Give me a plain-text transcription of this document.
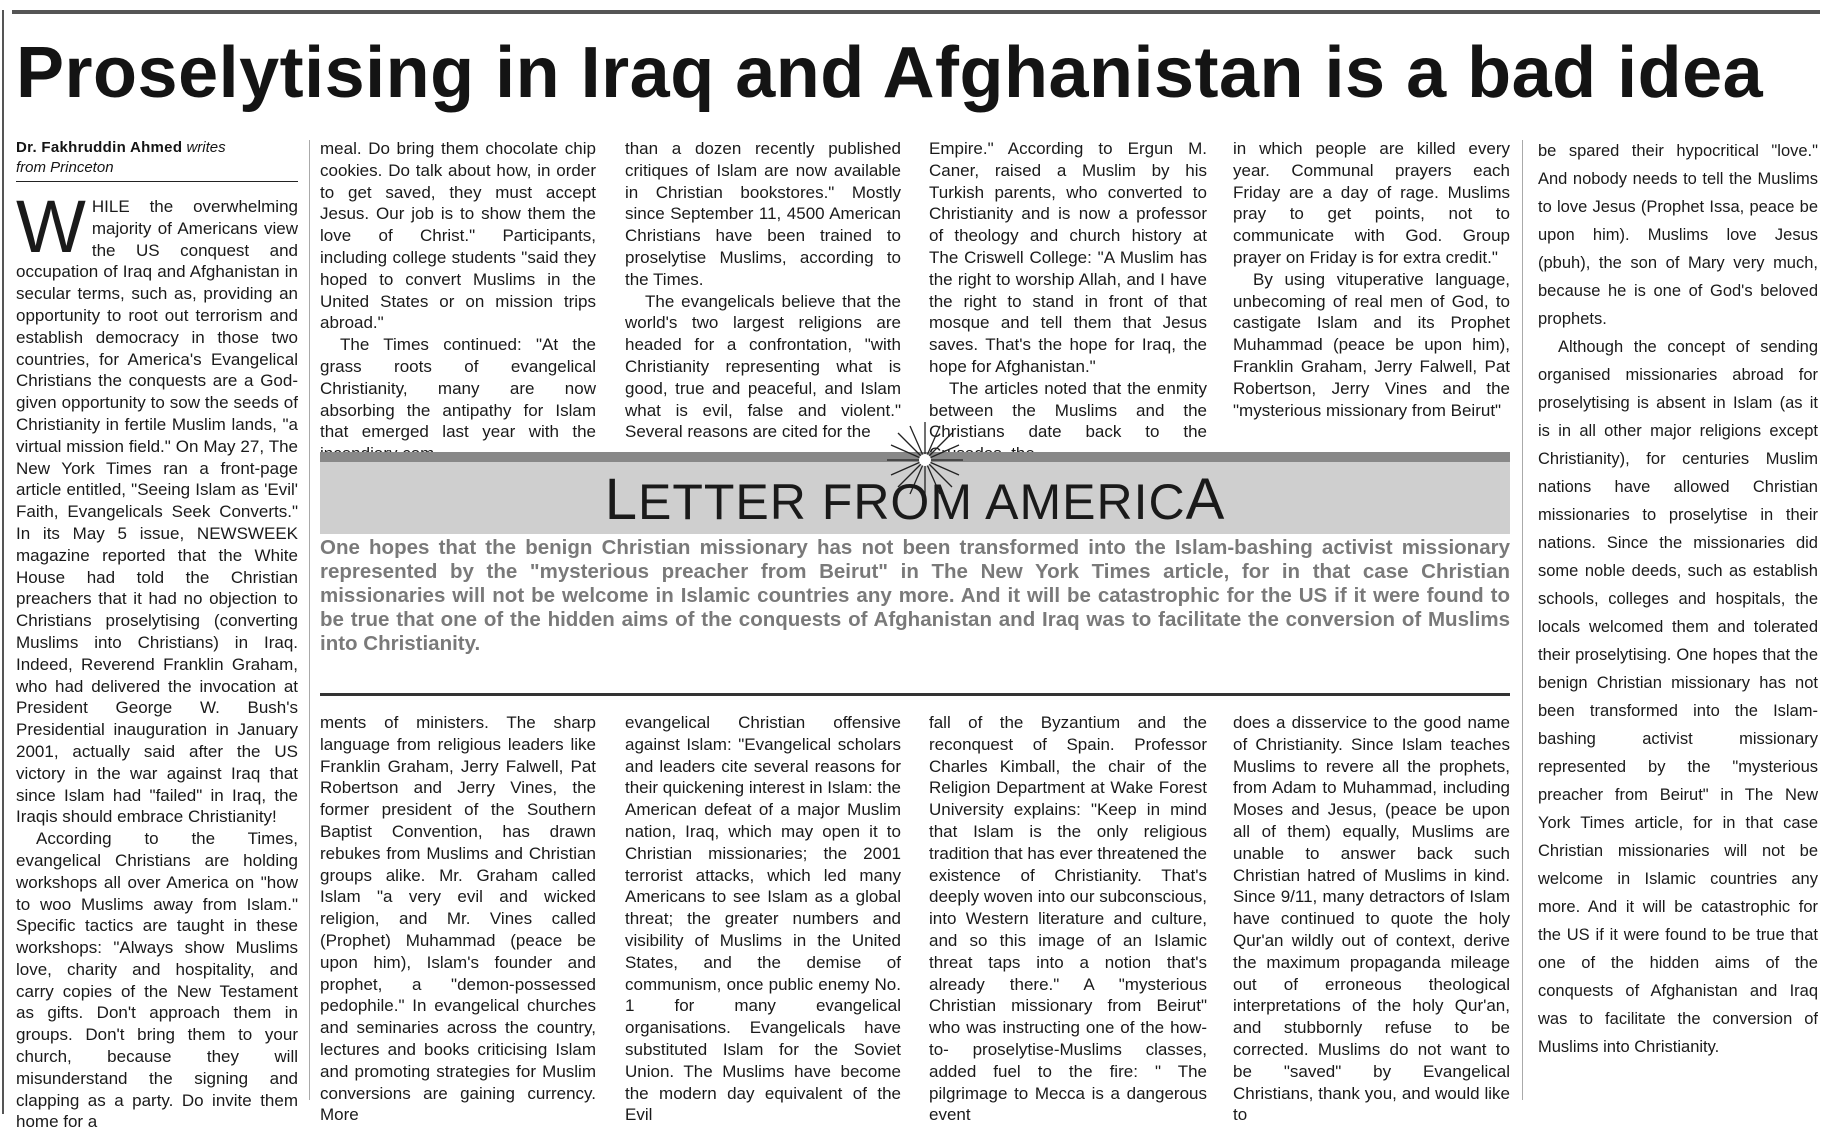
Proselytising in Iraq and Afghanistan is a bad idea
Dr. Fakhruddin Ahmed writes
from Princeton

WHILE the overwhelming majority of Americans view the US conquest and occupation of Iraq and Afghanistan in secular terms, such as, providing an opportunity to root out terrorism and establish democracy in those two countries, for America's Evangelical Christians the conquests are a God-given opportunity to sow the seeds of Christianity in fertile Muslim lands, "a virtual mission field." On May 27, The New York Times ran a front-page article entitled, "Seeing Islam as 'Evil' Faith, Evangelicals Seek Converts." In its May 5 issue, NEWSWEEK magazine reported that the White House had told the Christian preachers that it had no objection to Christians proselytising (converting Muslims into Christians) in Iraq. Indeed, Reverend Franklin Graham, who had delivered the invocation at President George W. Bush's Presidential inauguration in January 2001, actually said after the US victory in the war against Iraq that since Islam had "failed" in Iraq, the Iraqis should embrace Christianity!

According to the Times, evangelical Christians are holding workshops all over America on "how to woo Muslims away from Islam." Specific tactics are taught in these workshops: "Always show Muslims love, charity and hospitality, and carry copies of the New Testament as gifts. Don't approach them in groups. Don't bring them to your church, because they will misunderstand the signing and clapping as a party. Do invite them home for a

meal. Do bring them chocolate chip cookies. Do talk about how, in order to get saved, they must accept Jesus. Our job is to show them the love of Christ." Participants, including college students "said they hoped to convert Muslims in the United States or on mission trips abroad."

The Times continued: "At the grass roots of evangelical Christianity, many are now absorbing the antipathy for Islam that emerged last year with the

than a dozen recently published critiques of Islam are now available in Christian bookstores." Mostly since September 11, 4500 American Christians have been trained to proselytise Muslims, according to the Times.

The evangelicals believe that the world's two largest religions are headed for a confrontation, "with Christianity representing what is good, true and peaceful, and Islam what is evil, false and violent." Several reasons are cited for the

Empire." According to Ergun M. Caner, raised a Muslim by his Turkish parents, who converted to Christianity and is now a professor of theology and church history at The Criswell College: "A Muslim has the right to worship Allah, and I have the right to stand in front of that mosque and tell them that Jesus saves. That's the hope for Iraq, the hope for Afghanistan."

The articles noted that the enmity between the Muslims and the Christians date back to the

in which people are killed every year. Communal prayers each Friday are a day of rage. Muslims pray to get points, not to communicate with God. Group prayer on Friday is for extra credit."

By using vituperative language, unbecoming of real men of God, to castigate Islam and its Prophet Muhammad (peace be upon him), Franklin Graham, Jerry Falwell, Pat Robertson, Jerry Vines and the "mysterious missionary from Beirut"

LETTER FROM AMERICA
One hopes that the benign Christian missionary has not been transformed into the Islam-bashing activist missionary represented by the "mysterious preacher from Beirut" in The New York Times article, for in that case Christian missionaries will not be welcome in Islamic countries any more. And it will be catastrophic for the US if it were found to be true that one of the hidden aims of the conquests of Afghanistan and Iraq was to facilitate the conversion of Muslims into Christianity.

ments of ministers. The sharp language from religious leaders like Franklin Graham, Jerry Falwell, Pat Robertson and Jerry Vines, the former president of the Southern Baptist Convention, has drawn rebukes from Muslims and Christian groups alike. Mr. Graham called Islam "a very evil and wicked religion, and Mr. Vines called (Prophet) Muhammad (peace be upon him), Islam's founder and prophet, a "demon-possessed pedophile." In evangelical churches and seminaries across the country, lectures and books criticising Islam and promoting strategies for Muslim conversions are gaining currency. More

evangelical Christian offensive against Islam: "Evangelical scholars and leaders cite several reasons for their quickening interest in Islam: the American defeat of a major Muslim nation, Iraq, which may open it to Christian missionaries; the 2001 terrorist attacks, which led many Americans to see Islam as a global threat; the greater numbers and visibility of Muslims in the United States, and the demise of communism, once public enemy No. 1 for many evangelical organisations. Evangelicals have substituted Islam for the Soviet Union. The Muslims have become the modern day equivalent of the Evil

fall of the Byzantium and the reconquest of Spain. Professor Charles Kimball, the chair of the Religion Department at Wake Forest University explains: "Keep in mind that Islam is the only religious tradition that has ever threatened the existence of Christianity. That's deeply woven into our subconscious, into Western literature and culture, and so this image of an Islamic threat taps into a notion that's already there." A "mysterious Christian missionary from Beirut" who was instructing one of the how-to- proselytise-Muslims classes, added fuel to the fire: " The pilgrimage to Mecca is a dangerous event

does a disservice to the good name of Christianity. Since Islam teaches Muslims to revere all the prophets, from Adam to Muhammad, including Moses and Jesus, (peace be upon all of them) equally, Muslims are unable to answer back such Christian hatred of Muslims in kind. Since 9/11, many detractors of Islam have continued to quote the holy Qur'an wildly out of context, derive the maximum propaganda mileage out of erroneous theological interpretations of the holy Qur'an, and stubbornly refuse to be corrected. Muslims do not want to be "saved" by Evangelical Christians, thank you, and would like to

be spared their hypocritical "love." And nobody needs to tell the Muslims to love Jesus (Prophet Issa, peace be upon him). Muslims love Jesus (pbuh), the son of Mary very much, because he is one of God's beloved prophets.

Although the concept of sending organised missionaries abroad for proselytising is absent in Islam (as it is in all other major religions except Christianity), for centuries Muslim nations have allowed Christian missionaries to proselytise in their nations. Since the missionaries did some noble deeds, such as establish schools, colleges and hospitals, the locals welcomed them and tolerated their proselytising. One hopes that the benign Christian missionary has not been transformed into the Islam-bashing activist missionary represented by the "mysterious preacher from Beirut" in The New York Times article, for in that case Christian missionaries will not be welcome in Islamic countries any more. And it will be catastrophic for the US if it were found to be true that one of the hidden aims of the conquests of Afghanistan and Iraq was to facilitate the conversion of Muslims into Christianity.
